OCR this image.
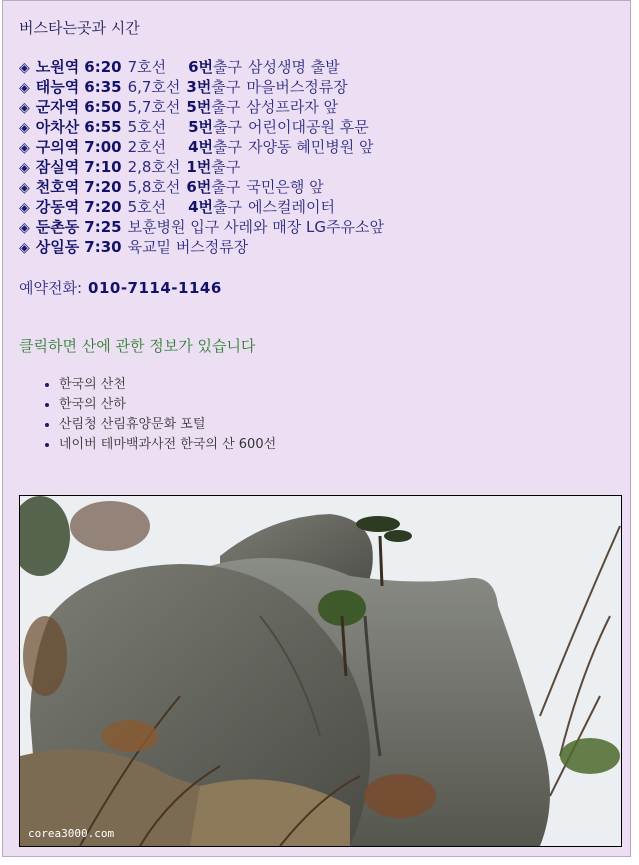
버스타는곳과 시간
◈ 노원역 6:20 7호선 6번출구 삼성생명 출발
◈ 태능역 6:35 6,7호선 3번출구 마을버스정류장
◈ 군자역 6:50 5,7호선 5번출구 삼성프라자 앞
◈ 아차산 6:55 5호선 5번출구 어린이대공원 후문
◈ 구의역 7:00 2호선 4번출구 자양동 혜민병원 앞
◈ 잠실역 7:10 2,8호선 1번출구
◈ 천호역 7:20 5,8호선 6번출구 국민은행 앞
◈ 강동역 7:20 5호선 4번출구 에스컬레이터
◈ 둔촌동 7:25 보훈병원 입구 사레와 매장 LG주유소앞
◈ 상일동 7:30 육교밑 버스정류장
예약전화: 010-7114-1146
클릭하면 산에 관한 정보가 있습니다
• 한국의 산천
• 한국의 산하
• 산림청 산림휴양문화 포털
• 네이버 테마백과사전 한국의 산 600선
corea3000.com
